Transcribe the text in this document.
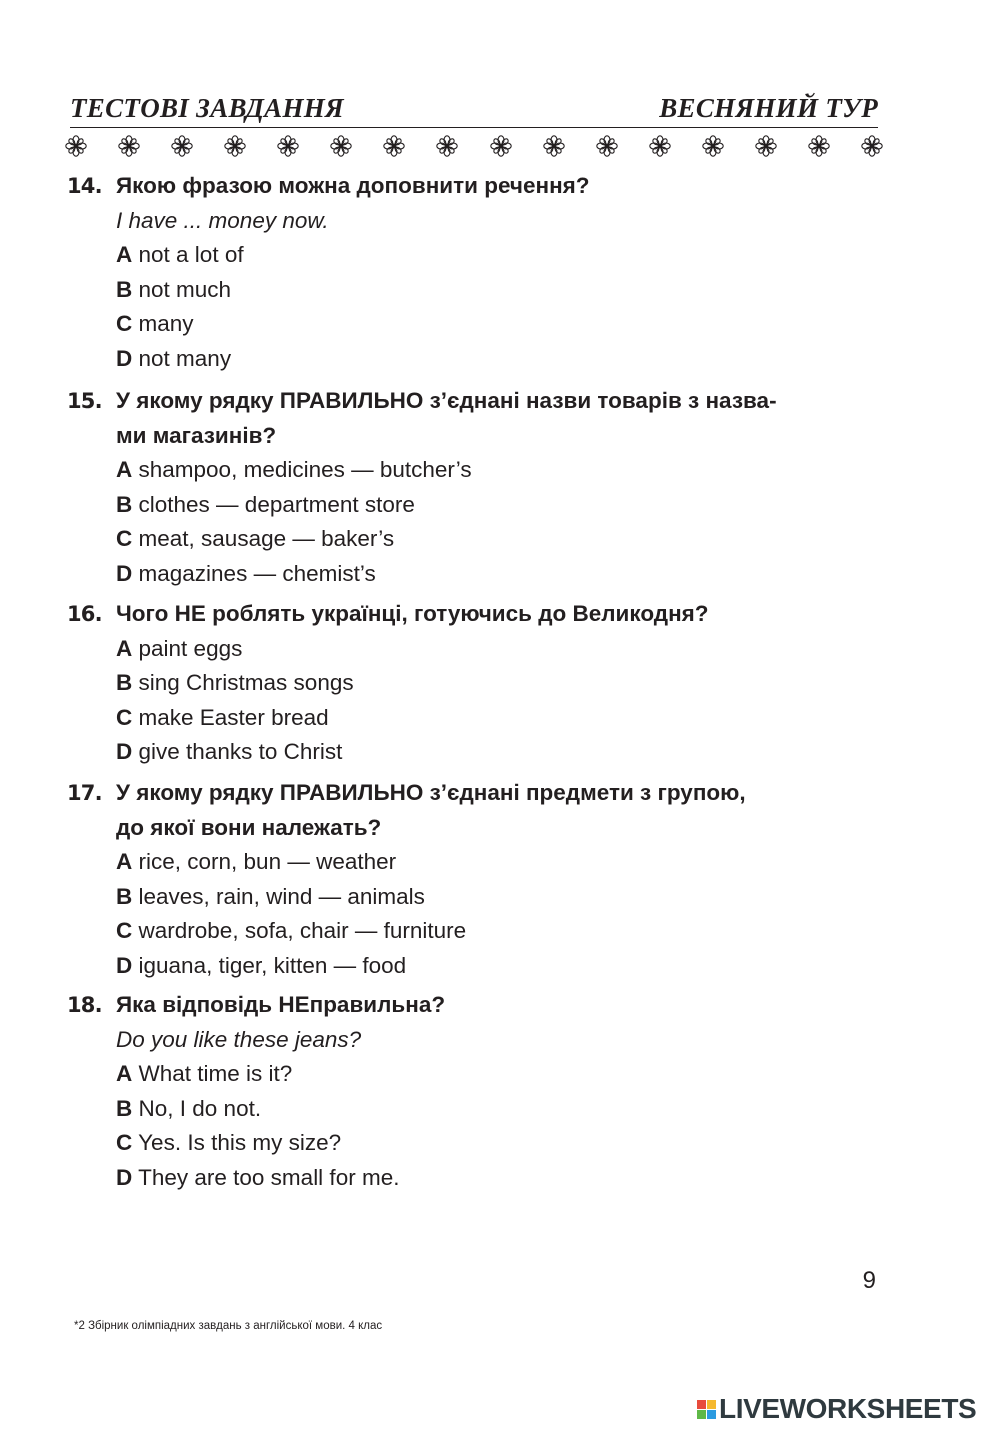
ТЕСТОВІ ЗАВДАННЯ	ВЕСНЯНИЙ ТУР
14. Якою фразою можна доповнити речення?
I have ... money now.
A not a lot of
B not much
C many
D not many
15. У якому рядку ПРАВИЛЬНО з’єднані назви товарів з назва-
ми магазинів?
A shampoo, medicines — butcher’s
B clothes — department store
C meat, sausage — baker’s
D magazines — chemist’s
16. Чого НЕ роблять українці, готуючись до Великодня?
A paint eggs
B sing Christmas songs
C make Easter bread
D give thanks to Christ
17. У якому рядку ПРАВИЛЬНО з’єднані предмети з групою,
до якої вони належать?
A rice, corn, bun — weather
B leaves, rain, wind — animals
C wardrobe, sofa, chair — furniture
D iguana, tiger, kitten — food
18. Яка відповідь НЕправильна?
Do you like these jeans?
A What time is it?
B No, I do not.
C Yes. Is this my size?
D They are too small for me.
9
*2 Збірник олімпіадних завдань з англійської мови. 4 клас
LIVEWORKSHEETS
